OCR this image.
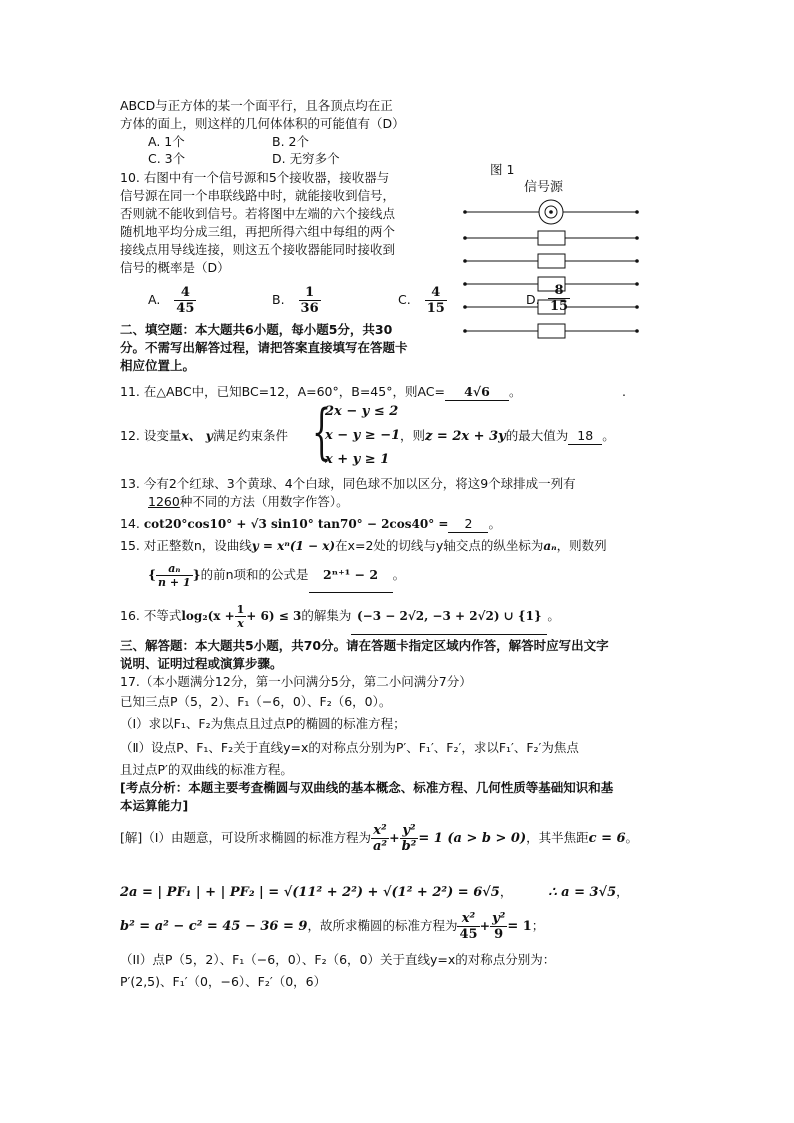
ABCD与正方体的某一个面平行，且各顶点均在正
方体的面上，则这样的几何体体积的可能值有（D）
A. 1个	B. 2个
C. 3个	D. 无穷多个
10. 右图中有一个信号源和5个接收器，接收器与
信号源在同一个串联线路中时，就能接收到信号，
否则就不能收到信号。若将图中左端的六个接线点
随机地平均分成三组，再把所得六组中每组的两个
接线点用导线连接，则这五个接收器能同时接收到
信号的概率是（D）
A. $\frac{4}{45}$	B. $\frac{1}{36}$	C. $\frac{4}{15}$
图 1
信号源
D. $\frac{8}{15}$
二、填空题：本大题共6小题，每小题5分，共30
分。不需写出解答过程，请把答案直接填写在答题卡
相应位置上。
11. 在△ABC中，已知BC=12，A=60°，B=45°，则AC= 4√6 。	.
12. 设变量x、 y满足约束条件 {
2x − y ≤ 2
x − y ≥ −1
x + y ≥ 1
，则z = 2x + 3y的最大值为 18 。
13. 今有2个红球、3个黄球、4个白球，同色球不加以区分，将这9个球排成一列有
1260种不同的方法（用数字作答）。
14. cot20°cos10° + √3 sin10° tan70° − 2cos40° = 2 。
15. 对正整数n，设曲线y = xⁿ(1 − x)在x=2处的切线与y轴交点的纵坐标为aₙ，则数列
{ $\frac{\text{aₙ}}{n + 1}$ }的前n项和的公式是 2ⁿ⁺¹ − 2 。
16. 不等式$\log_2(x + \frac{1}{x} + 6) \le 3$的解集为 (−3 − 2√2, −3 + 2√2) ∪ {1} 。
三、解答题：本大题共5小题，共70分。请在答题卡指定区域内作答，解答时应写出文字
说明、证明过程或演算步骤。
17.（本小题满分12分，第一小问满分5分，第二小问满分7分）
已知三点P（5，2）、F₁（−6，0）、F₂（6，0）。
（Ⅰ）求以F₁、F₂为焦点且过点P的椭圆的标准方程；
（Ⅱ）设点P、F₁、F₂关于直线y=x的对称点分别为P′、F₁′、F₂′，求以F₁′、F₂′为焦点
且过点P′的双曲线的标准方程。
[考点分析：本题主要考查椭圆与双曲线的基本概念、标准方程、几何性质等基础知识和基
本运算能力]
[解]（I）由题意，可设所求椭圆的标准方程为 $\frac{\text{x²}}{\text{a²}} + \frac{\text{y²}}{\text{b²}} = 1$ (a > b > 0)，其半焦距c = 6。
2a = | PF₁ | + | PF₂ | = √(11² + 2²) + √(1² + 2²) = 6√5，	∴ a = 3√5，
b² = a² − c² = 45 − 36 = 9，故所求椭圆的标准方程为 $\frac{\text{x²}}{45} + \frac{\text{y²}}{9} = 1$；
（II）点P（5，2）、F₁（−6，0）、F₂（6，0）关于直线y=x的对称点分别为：
P′(2,5)、F₁′（0，−6）、F₂′（0，6）
